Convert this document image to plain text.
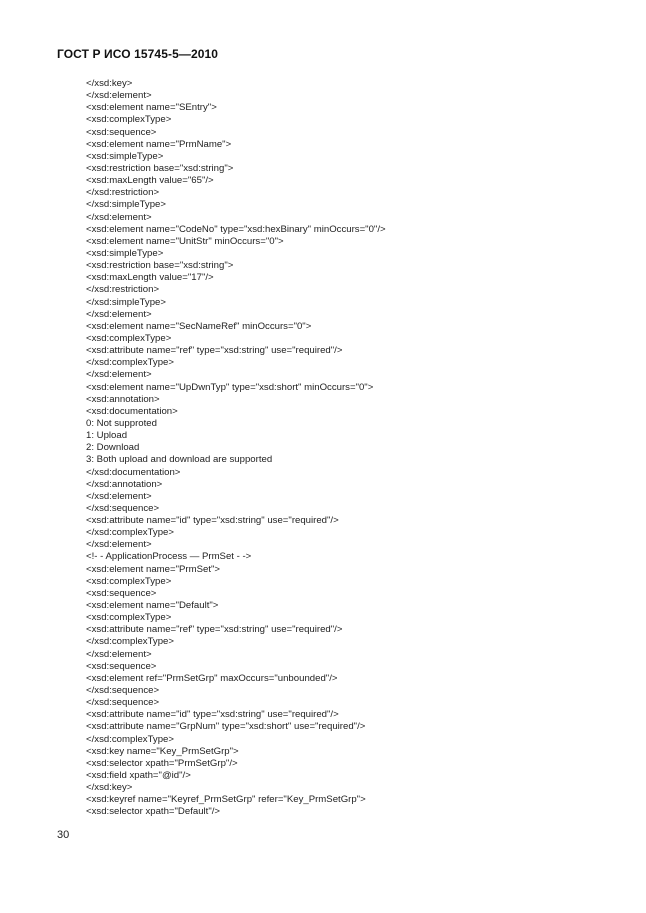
ГОСТ Р ИСО 15745-5—2010
</xsd:key>
</xsd:element>
<xsd:element name="SEntry">
<xsd:complexType>
<xsd:sequence>
<xsd:element name="PrmName">
<xsd:simpleType>
<xsd:restriction base="xsd:string">
<xsd:maxLength value="65"/>
</xsd:restriction>
</xsd:simpleType>
</xsd:element>
<xsd:element name="CodeNo" type="xsd:hexBinary" minOccurs="0"/>
<xsd:element name="UnitStr" minOccurs="0">
<xsd:simpleType>
<xsd:restriction base="xsd:string">
<xsd:maxLength value="17"/>
</xsd:restriction>
</xsd:simpleType>
</xsd:element>
<xsd:element name="SecNameRef" minOccurs="0">
<xsd:complexType>
<xsd:attribute name="ref" type="xsd:string" use="required"/>
</xsd:complexType>
</xsd:element>
<xsd:element name="UpDwnTyp" type="xsd:short" minOccurs="0">
<xsd:annotation>
<xsd:documentation>
0: Not supproted
1: Upload
2: Download
3: Both upload and download are supported
</xsd:documentation>
</xsd:annotation>
</xsd:element>
</xsd:sequence>
<xsd:attribute name="id" type="xsd:string" use="required"/>
</xsd:complexType>
</xsd:element>
<!- - ApplicationProcess — PrmSet - ->
<xsd:element name="PrmSet">
<xsd:complexType>
<xsd:sequence>
<xsd:element name="Default">
<xsd:complexType>
<xsd:attribute name="ref" type="xsd:string" use="required"/>
</xsd:complexType>
</xsd:element>
<xsd:sequence>
<xsd:element ref="PrmSetGrp" maxOccurs="unbounded"/>
</xsd:sequence>
</xsd:sequence>
<xsd:attribute name="id" type="xsd:string" use="required"/>
<xsd:attribute name="GrpNum" type="xsd:short" use="required"/>
</xsd:complexType>
<xsd:key name="Key_PrmSetGrp">
<xsd:selector xpath="PrmSetGrp"/>
<xsd:field xpath="@id"/>
</xsd:key>
<xsd:keyref name="Keyref_PrmSetGrp" refer="Key_PrmSetGrp">
<xsd:selector xpath="Default"/>
30
